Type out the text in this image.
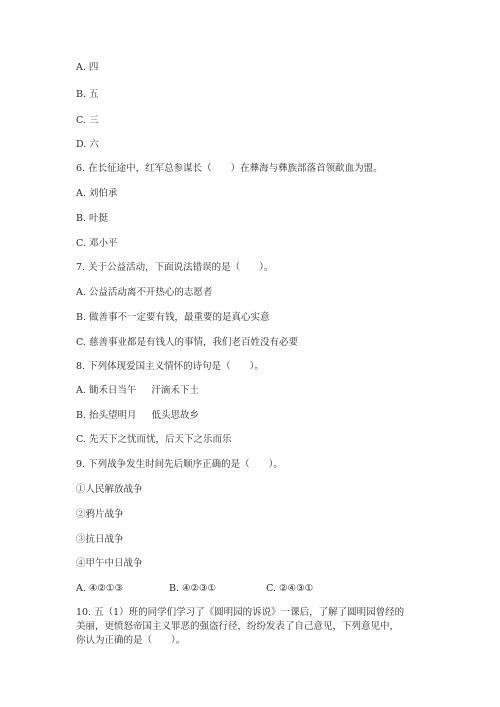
A. 四
B. 五
C. 三
D. 六
6. 在长征途中，红军总参谋长（　　）在彝海与彝族部落首领歃血为盟。
A. 刘伯承
B. 叶挺
C. 邓小平
7. 关于公益活动，下面说法错误的是（　　）。
A. 公益活动离不开热心的志愿者
B. 做善事不一定要有钱，最重要的是真心实意
C. 慈善事业都是有钱人的事情，我们老百姓没有必要
8. 下列体现爱国主义情怀的诗句是（　　）。
A. 锄禾日当午 汗滴禾下土
B. 抬头望明月 低头思故乡
C. 先天下之忧而忧，后天下之乐而乐
9. 下列战争发生时间先后顺序正确的是（　　）。
①人民解放战争
②鸦片战争
③抗日战争
④甲午中日战争
A. ④②①③	B. ④②③①	C. ②④③①
10. 五（1）班的同学们学习了《圆明园的诉说》一课后，了解了圆明园曾经的
美丽，更愤怒帝国主义罪恶的强盗行径，纷纷发表了自己意见，下列意见中，
你认为正确的是（　　）。
